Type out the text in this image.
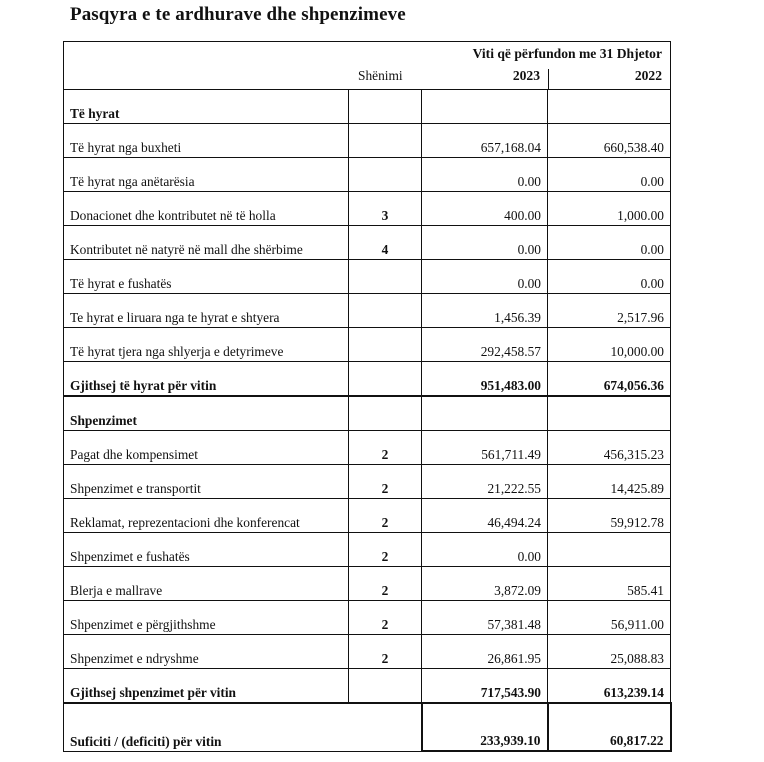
Pasqyra e te ardhurave dhe shpenzimeve
Viti që përfundon me 31 Dhjetor
Shënimi 2023 2022			

Të hyrat			
Të hyrat nga buxheti		657,168.04	660,538.40
Të hyrat nga anëtarësia		0.00	0.00
Donacionet dhe kontributet në të holla	3	400.00	1,000.00
Kontributet në natyrë në mall dhe shërbime	4	0.00	0.00
Të hyrat e fushatës		0.00	0.00
Te hyrat e liruara nga te hyrat e shtyera		1,456.39	2,517.96
Të hyrat tjera nga shlyerja e detyrimeve		292,458.57	10,000.00
Gjithsej të hyrat për vitin		951,483.00	674,056.36
Shpenzimet			
Pagat dhe kompensimet	2	561,711.49	456,315.23
Shpenzimet e transportit	2	21,222.55	14,425.89
Reklamat, reprezentacioni dhe konferencat	2	46,494.24	59,912.78
Shpenzimet e fushatës	2	0.00	
Blerja e mallrave	2	3,872.09	585.41
Shpenzimet e përgjithshme	2	57,381.48	56,911.00
Shpenzimet e ndryshme	2	26,861.95	25,088.83
Gjithsej shpenzimet për vitin		717,543.90	613,239.14
Suficiti / (deficiti) për vitin		233,939.10	60,817.22
